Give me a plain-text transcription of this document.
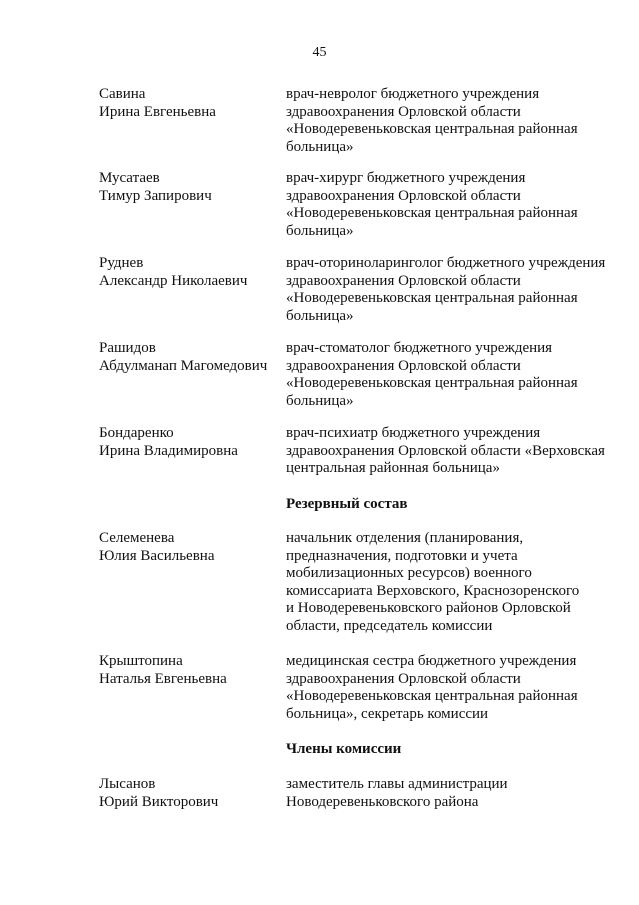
45
Савина
Ирина Евгеньевна
врач-невролог бюджетного учреждения
здравоохранения Орловской области
«Новодеревеньковская центральная районная
больница»
Мусатаев
Тимур Запирович
врач-хирург бюджетного учреждения
здравоохранения Орловской области
«Новодеревеньковская центральная районная
больница»
Руднев
Александр Николаевич
врач-оториноларинголог бюджетного учреждения
здравоохранения Орловской области
«Новодеревеньковская центральная районная
больница»
Рашидов
Абдулманап Магомедович
врач-стоматолог бюджетного учреждения
здравоохранения Орловской области
«Новодеревеньковская центральная районная
больница»
Бондаренко
Ирина Владимировна
врач-психиатр бюджетного учреждения
здравоохранения Орловской области «Верховская
центральная районная больница»
Резервный состав
Селеменева
Юлия Васильевна
начальник отделения (планирования,
предназначения, подготовки и учета
мобилизационных ресурсов) военного
комиссариата Верховского, Краснозоренского
и Новодеревеньковского районов Орловской
области, председатель комиссии
Крыштопина
Наталья Евгеньевна
медицинская сестра бюджетного учреждения
здравоохранения Орловской области
«Новодеревеньковская центральная районная
больница», секретарь комиссии
Члены комиссии
Лысанов
Юрий Викторович
заместитель главы администрации
Новодеревеньковского района
